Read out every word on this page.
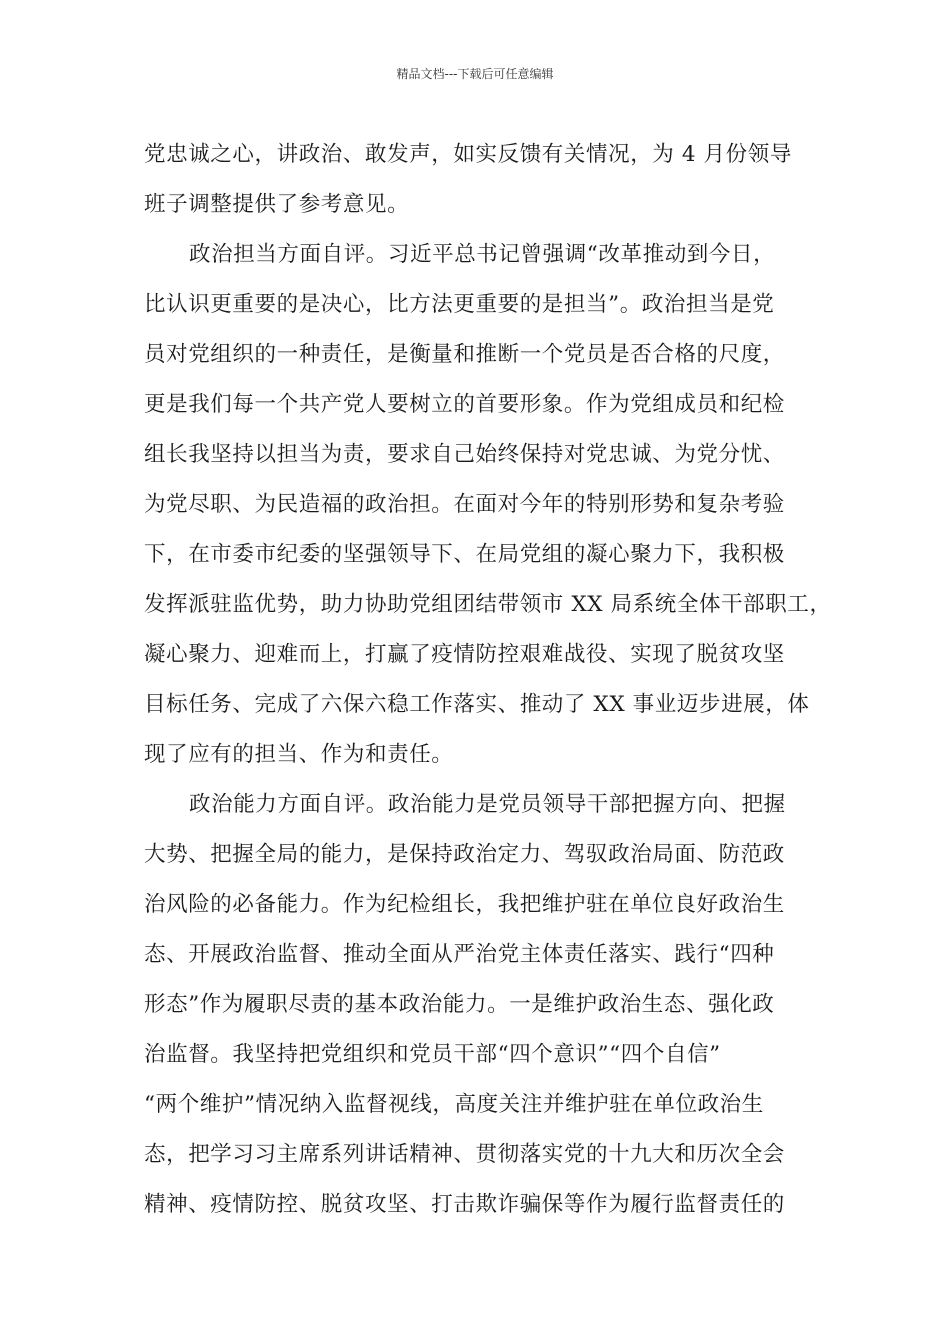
精品文档---下载后可任意编辑
党忠诚之心，讲政治、敢发声，如实反馈有关情况，为 4 月份领导
班子调整提供了参考意见。
政治担当方面自评。习近平总书记曾强调“改革推动到今日，
比认识更重要的是决心，比方法更重要的是担当”。政治担当是党
员对党组织的一种责任，是衡量和推断一个党员是否合格的尺度，
更是我们每一个共产党人要树立的首要形象。作为党组成员和纪检
组长我坚持以担当为责，要求自己始终保持对党忠诚、为党分忧、
为党尽职、为民造福的政治担。在面对今年的特别形势和复杂考验
下，在市委市纪委的坚强领导下、在局党组的凝心聚力下，我积极
发挥派驻监优势，助力协助党组团结带领市 XX 局系统全体干部职工，
凝心聚力、迎难而上，打赢了疫情防控艰难战役、实现了脱贫攻坚
目标任务、完成了六保六稳工作落实、推动了 XX 事业迈步进展，体
现了应有的担当、作为和责任。
政治能力方面自评。政治能力是党员领导干部把握方向、把握
大势、把握全局的能力，是保持政治定力、驾驭政治局面、防范政
治风险的必备能力。作为纪检组长，我把维护驻在单位良好政治生
态、开展政治监督、推动全面从严治党主体责任落实、践行“四种
形态”作为履职尽责的基本政治能力。一是维护政治生态、强化政
治监督。我坚持把党组织和党员干部“四个意识”“四个自信”
“两个维护”情况纳入监督视线，高度关注并维护驻在单位政治生
态，把学习习主席系列讲话精神、贯彻落实党的十九大和历次全会
精神、疫情防控、脱贫攻坚、打击欺诈骗保等作为履行监督责任的
